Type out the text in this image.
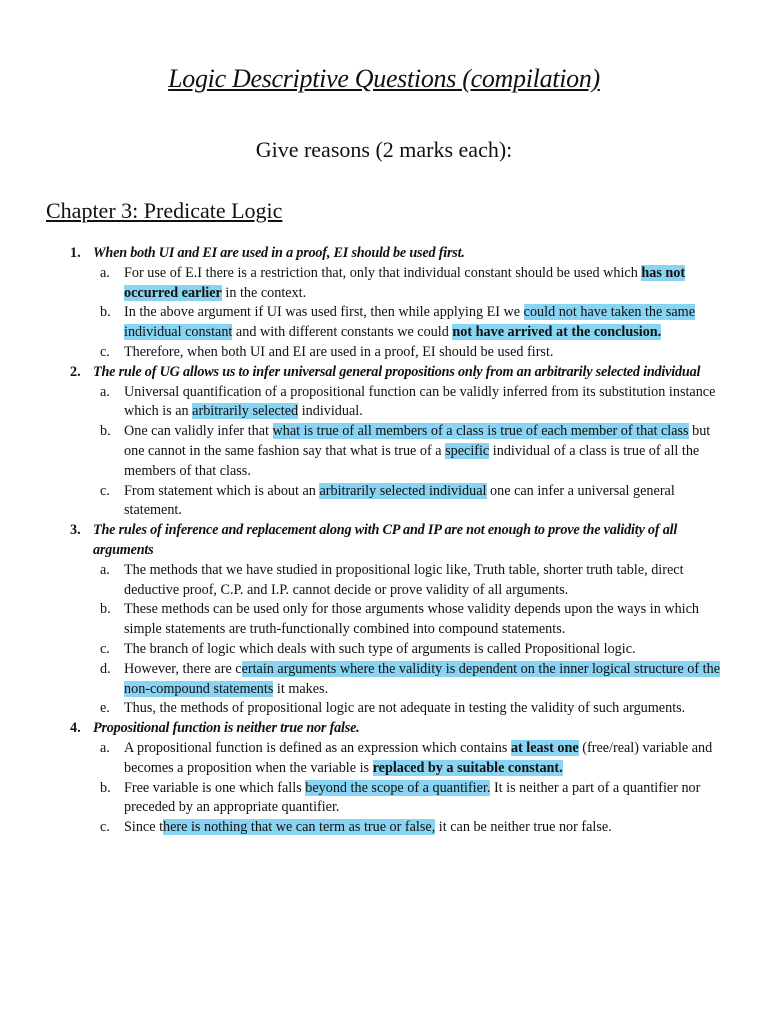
Logic Descriptive Questions (compilation)
Give reasons (2 marks each):
Chapter 3: Predicate Logic
1. When both UI and EI are used in a proof, EI should be used first.
a. For use of E.I there is a restriction that, only that individual constant should be used which has not occurred earlier in the context.
b. In the above argument if UI was used first, then while applying EI we could not have taken the same individual constant and with different constants we could not have arrived at the conclusion.
c. Therefore, when both UI and EI are used in a proof, EI should be used first.
2. The rule of UG allows us to infer universal general propositions only from an arbitrarily selected individual
a. Universal quantification of a propositional function can be validly inferred from its substitution instance which is an arbitrarily selected individual.
b. One can validly infer that what is true of all members of a class is true of each member of that class but one cannot in the same fashion say that what is true of a specific individual of a class is true of all the members of that class.
c. From statement which is about an arbitrarily selected individual one can infer a universal general statement.
3. The rules of inference and replacement along with CP and IP are not enough to prove the validity of all arguments
a. The methods that we have studied in propositional logic like, Truth table, shorter truth table, direct deductive proof, C.P. and I.P. cannot decide or prove validity of all arguments.
b. These methods can be used only for those arguments whose validity depends upon the ways in which simple statements are truth-functionally combined into compound statements.
c. The branch of logic which deals with such type of arguments is called Propositional logic.
d. However, there are certain arguments where the validity is dependent on the inner logical structure of the non-compound statements it makes.
e. Thus, the methods of propositional logic are not adequate in testing the validity of such arguments.
4. Propositional function is neither true nor false.
a. A propositional function is defined as an expression which contains at least one (free/real) variable and becomes a proposition when the variable is replaced by a suitable constant.
b. Free variable is one which falls beyond the scope of a quantifier. It is neither a part of a quantifier nor preceded by an appropriate quantifier.
c. Since there is nothing that we can term as true or false, it can be neither true nor false.
